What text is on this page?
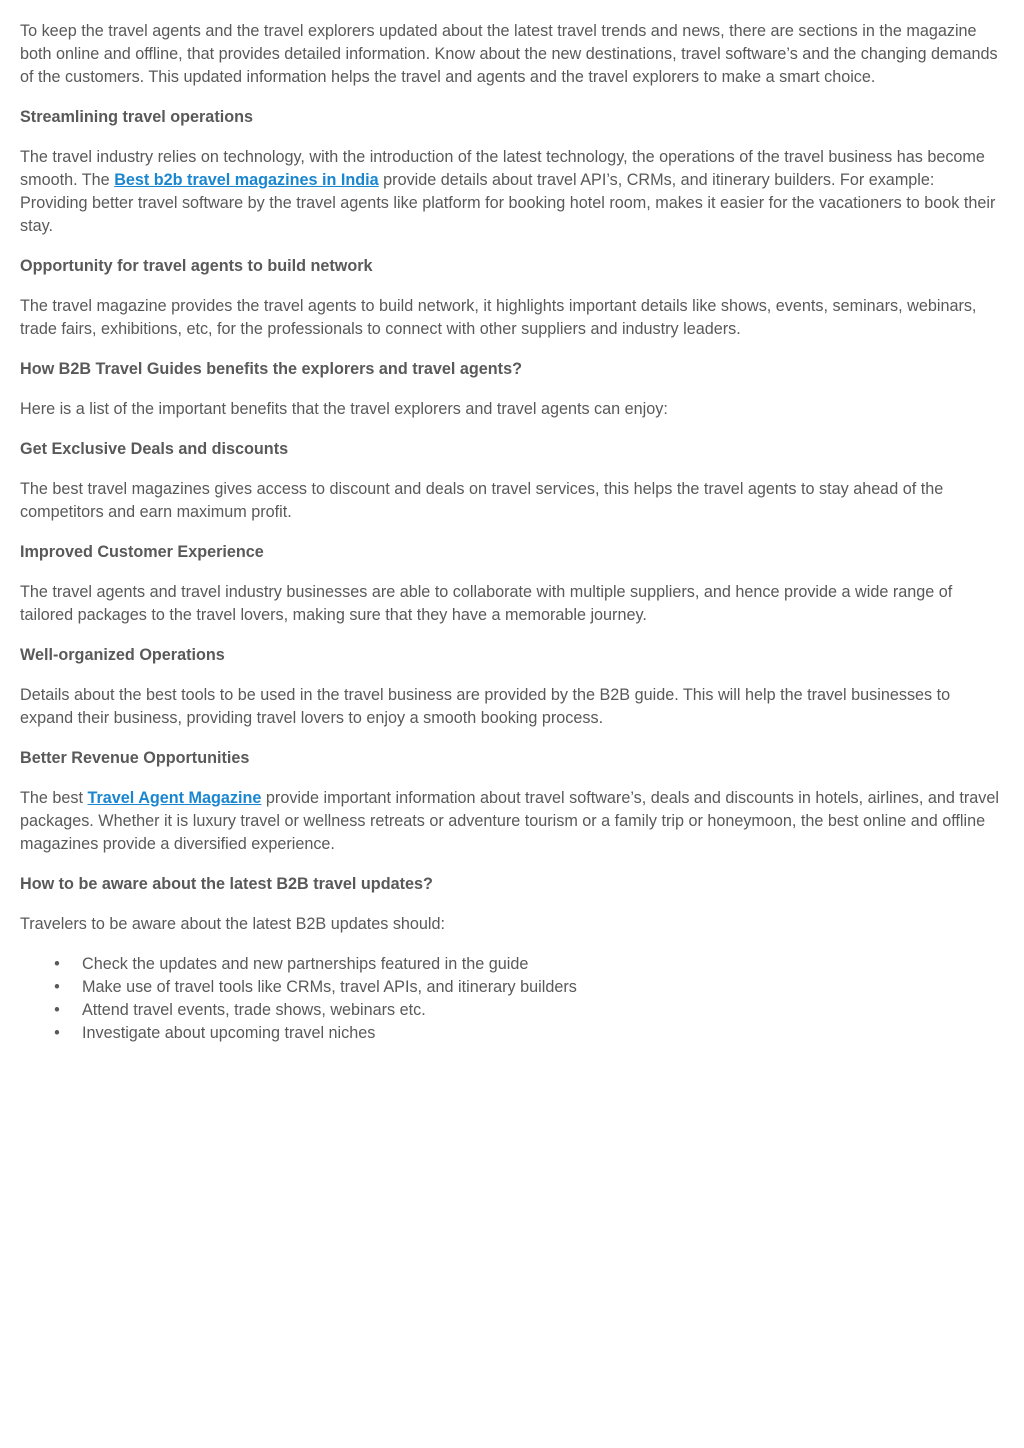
To keep the travel agents and the travel explorers updated about the latest travel trends and news, there are sections in the magazine both online and offline, that provides detailed information. Know about the new destinations, travel software’s and the changing demands of the customers. This updated information helps the travel and agents and the travel explorers to make a smart choice.

Streamlining travel operations

The travel industry relies on technology, with the introduction of the latest technology, the operations of the travel business has become smooth. The Best b2b travel magazines in India provide details about travel API’s, CRMs, and itinerary builders. For example: Providing better travel software by the travel agents like platform for booking hotel room, makes it easier for the vacationers to book their stay.

Opportunity for travel agents to build network

The travel magazine provides the travel agents to build network, it highlights important details like shows, events, seminars, webinars, trade fairs, exhibitions, etc, for the professionals to connect with other suppliers and industry leaders.

How B2B Travel Guides benefits the explorers and travel agents?

Here is a list of the important benefits that the travel explorers and travel agents can enjoy:

Get Exclusive Deals and discounts

The best travel magazines gives access to discount and deals on travel services, this helps the travel agents to stay ahead of the competitors and earn maximum profit.

Improved Customer Experience

The travel agents and travel industry businesses are able to collaborate with multiple suppliers, and hence provide a wide range of tailored packages to the travel lovers, making sure that they have a memorable journey.

Well-organized Operations

Details about the best tools to be used in the travel business are provided by the B2B guide. This will help the travel businesses to expand their business, providing travel lovers to enjoy a smooth booking process.

Better Revenue Opportunities

The best Travel Agent Magazine provide important information about travel software’s, deals and discounts in hotels, airlines, and travel packages. Whether it is luxury travel or wellness retreats or adventure tourism or a family trip or honeymoon, the best online and offline magazines provide a diversified experience.

How to be aware about the latest B2B travel updates?

Travelers to be aware about the latest B2B updates should:

• Check the updates and new partnerships featured in the guide
• Make use of travel tools like CRMs, travel APIs, and itinerary builders
• Attend travel events, trade shows, webinars etc.
• Investigate about upcoming travel niches
